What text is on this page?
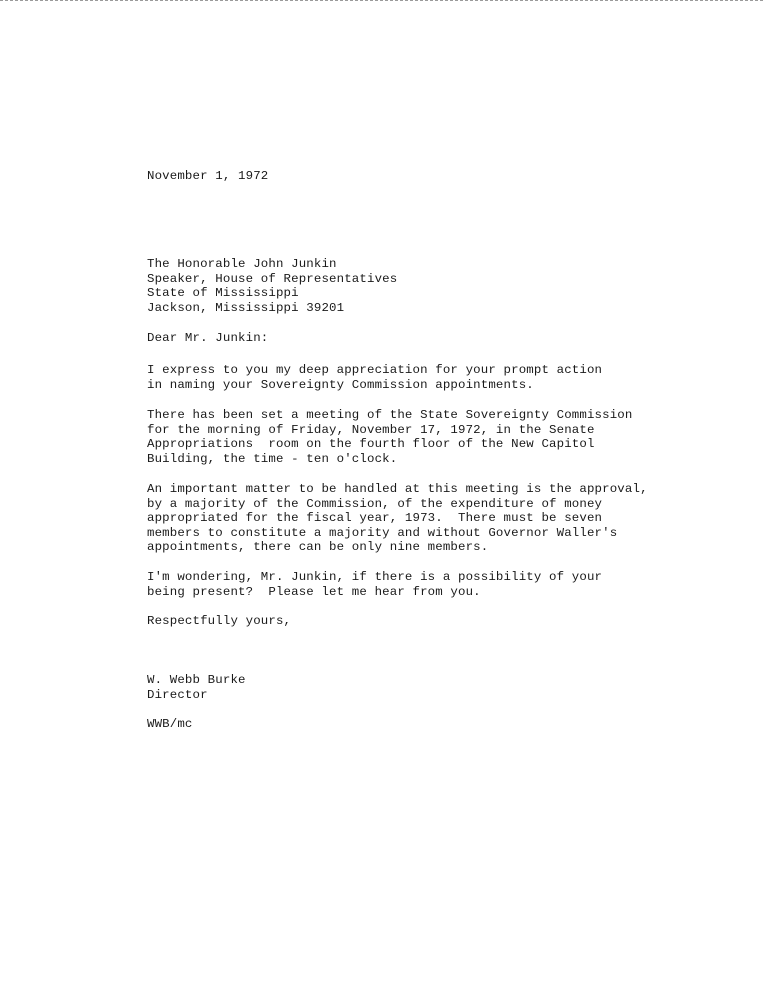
November 1, 1972
The Honorable John Junkin
Speaker, House of Representatives
State of Mississippi
Jackson, Mississippi 39201
Dear Mr. Junkin:
I express to you my deep appreciation for your prompt action
in naming your Sovereignty Commission appointments.
There has been set a meeting of the State Sovereignty Commission
for the morning of Friday, November 17, 1972, in the Senate
Appropriations  room on the fourth floor of the New Capitol
Building, the time - ten o'clock.
An important matter to be handled at this meeting is the approval,
by a majority of the Commission, of the expenditure of money
appropriated for the fiscal year, 1973.  There must be seven
members to constitute a majority and without Governor Waller's
appointments, there can be only nine members.
I'm wondering, Mr. Junkin, if there is a possibility of your
being present?  Please let me hear from you.
Respectfully yours,
W. Webb Burke
Director
WWB/mc
